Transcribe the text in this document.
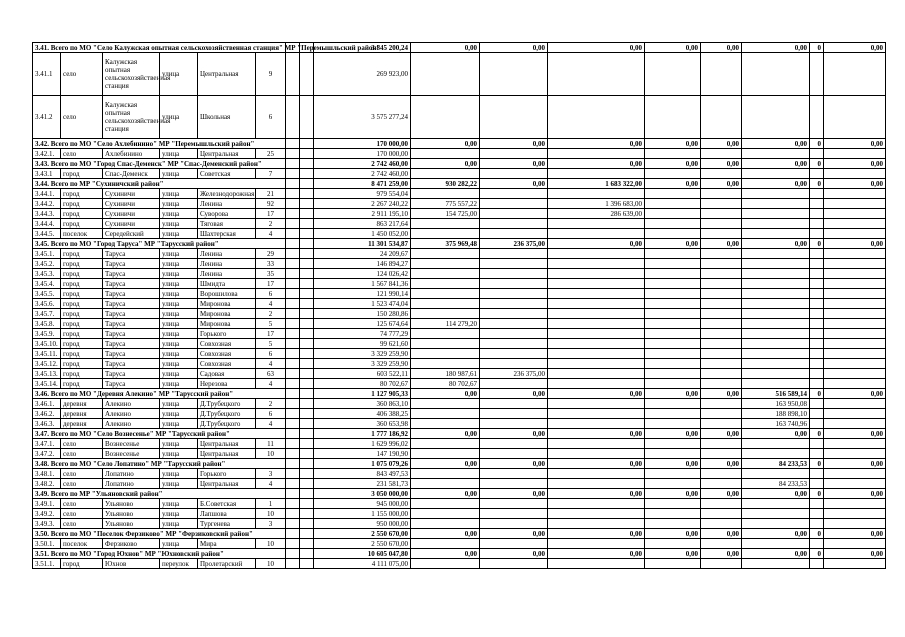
3.41. Всего по МО "Село Калужская опытная сельскохозяйственная станция" МР "Перемышльский район"								3 845 200,24	0,00	0,00	0,00	0,00	0,00	0,00	0	0,00
3.41.1	село	Калужская опытная сельскохозяйственная станция	улица	Центральная	9			269 923,00								
3.41.2	село	Калужская опытная сельскохозяйственная станция	улица	Школьная	6			3 575 277,24								
3.42. Всего по МО "Село Ахлебинино" МР "Перемышльский район"								170 000,00	0,00	0,00	0,00	0,00	0,00	0,00	0	0,00
3.42.1.	село	Ахлебинино	улица	Центральная	25			170 000,00								
3.43. Всего по МО "Город Спас-Деменск" МР "Спас-Деменский район"								2 742 460,00	0,00	0,00	0,00	0,00	0,00	0,00	0	0,00
3.43.1	город	Спас-Деменск	улица	Советская	7			2 742 460,00								
3.44. Всего по МР "Сухиничский район"								8 471 259,00	930 282,22	0,00	1 683 322,00	0,00	0,00	0,00	0	0,00
3.44.1.	город	Сухиничи	улица	Железнодорожная	21			979 554,04								
3.44.2.	город	Сухиничи	улица	Ленина	92			2 267 240,22	775 557,22		1 396 683,00					
3.44.3.	город	Сухиничи	улица	Суворова	17			2 911 195,10	154 725,00		286 639,00					
3.44.4.	город	Сухиничи	улица	Тяговая	2			863 217,64								
3.44.5.	поселок	Середейский	улица	Шахтерская	4			1 450 052,00								
3.45. Всего по МО "Город Таруса" МР "Тарусский район"								11 301 534,87	375 969,48	236 375,00	0,00	0,00	0,00	0,00	0	0,00
3.45.1.	город	Таруса	улица	Ленина	29			24 209,67								
3.45.2.	город	Таруса	улица	Ленина	33			146 894,27								
3.45.3.	город	Таруса	улица	Ленина	35			124 026,42								
3.45.4.	город	Таруса	улица	Шмидта	17			1 567 841,36								
3.45.5.	город	Таруса	улица	Ворошилова	6			121 990,14								
3.45.6.	город	Таруса	улица	Миронова	4			1 523 474,04								
3.45.7.	город	Таруса	улица	Миронова	2			150 280,86								
3.45.8.	город	Таруса	улица	Миронова	5			125 674,64	114 279,20							
3.45.9.	город	Таруса	улица	Горького	17			74 777,29								
3.45.10.	город	Таруса	улица	Совхозная	5			99 621,60								
3.45.11.	город	Таруса	улица	Совхозная	6			3 329 259,90								
3.45.12.	город	Таруса	улица	Совхозная	4			3 329 259,90								
3.45.13.	город	Таруса	улица	Садовая	63			603 522,11	180 987,61	236 375,00						
3.45.14.	город	Таруса	улица	Нерезова	4			80 702,67	80 702,67							
3.46. Всего по МО "Деревня Алекино" МР "Тарусский район"								1 127 905,33	0,00	0,00	0,00	0,00	0,00	516 589,14	0	0,00
3.46.1.	деревня	Алекино	улица	Д.Трубецкого	2			360 863,10						163 950,08		
3.46.2.	деревня	Алекино	улица	Д.Трубецкого	6			406 388,25						188 898,10		
3.46.3.	деревня	Алекино	улица	Д.Трубецкого	4			360 653,98						163 740,96		
3.47. Всего по МО "Село Вознесенье" МР "Тарусский район"								1 777 186,92	0,00	0,00	0,00	0,00	0,00	0,00	0	0,00
3.47.1.	село	Вознесенье	улица	Центральная	11			1 629 996,02								
3.47.2.	село	Вознесенье	улица	Центральная	10			147 190,90								
3.48. Всего по МО "Село Лопатино" МР "Тарусский район"								1 075 079,26	0,00	0,00	0,00	0,00	0,00	84 233,53	0	0,00
3.48.1.	село	Лопатино	улица	Горького	3			843 497,53								
3.48.2.	село	Лопатино	улица	Центральная	4			231 581,73						84 233,53		
3.49. Всего по МР "Ульяновский район"								3 050 000,00	0,00	0,00	0,00	0,00	0,00	0,00	0	0,00
3.49.1.	село	Ульяново	улица	Б.Советская	1			945 000,00								
3.49.2.	село	Ульяново	улица	Лапшова	10			1 155 000,00								
3.49.3.	село	Ульяново	улица	Тургенева	3			950 000,00								
3.50. Всего по МО "Поселок Ферзиково" МР "Ферзиковский район"								2 550 670,00	0,00	0,00	0,00	0,00	0,00	0,00	0	0,00
3.50.1.	поселок	Ферзиково	улица	Мира	10			2 550 670,00								
3.51. Всего по МО "Город Юхнов" МР "Юхновский район"								10 605 047,80	0,00	0,00	0,00	0,00	0,00	0,00	0	0,00
3.51.1.	город	Юхнов	переулок	Пролетарский	10			4 111 075,00								
